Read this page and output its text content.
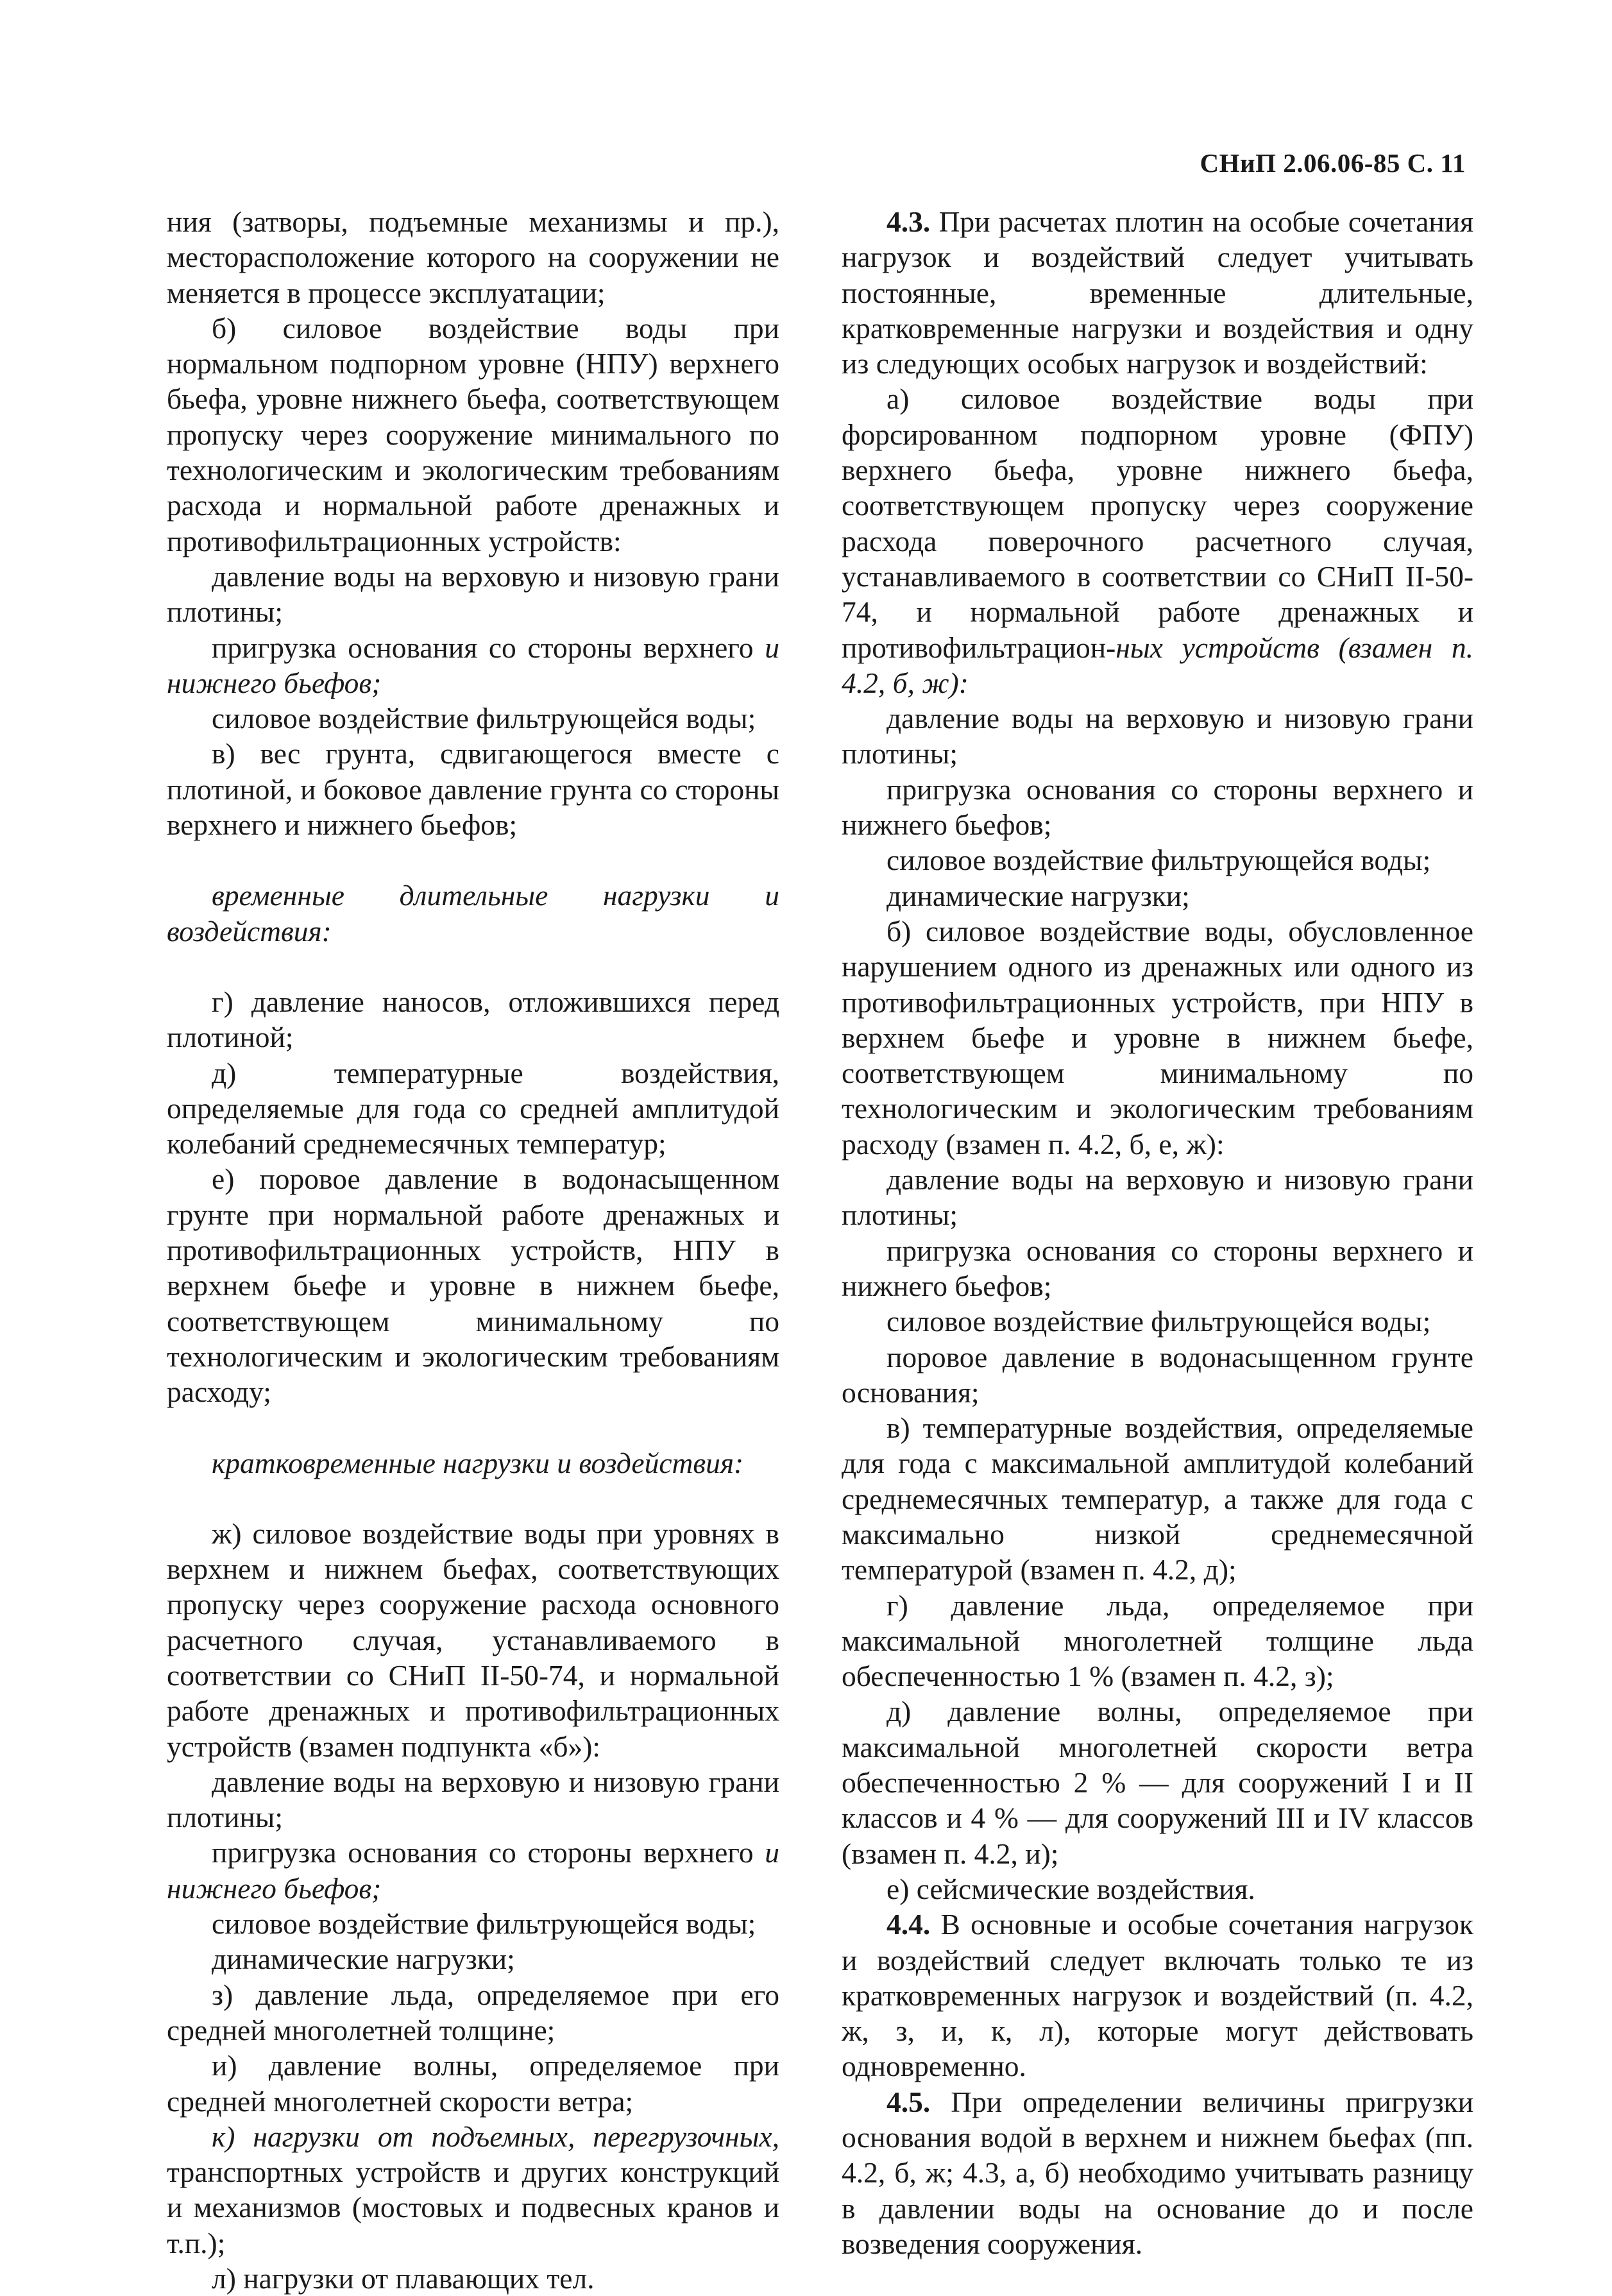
СНиП 2.06.06-85 С. 11

ния (затворы, подъемные механизмы и пр.), месторасположение которого на сооружении не меняется в процессе эксплуатации;

б) силовое воздействие воды при нормальном подпорном уровне (НПУ) верхнего бьефа, уровне нижнего бьефа, соответствующем пропуску через сооружение минимального по технологическим и экологическим требованиям расхода и нормальной работе дренажных и противофильтрационных устройств:

давление воды на верховую и низовую грани плотины;

пригрузка основания со стороны верхнего и нижнего бьефов;

силовое воздействие фильтрующейся воды;

в) вес грунта, сдвигающегося вместе с плотиной, и боковое давление грунта со стороны верхнего и нижнего бьефов;

временные длительные нагрузки и воздействия:

г) давление наносов, отложившихся перед плотиной;

д) температурные воздействия, определяемые для года со средней амплитудой колебаний среднемесячных температур;

е) поровое давление в водонасыщенном грунте при нормальной работе дренажных и противофильтрационных устройств, НПУ в верхнем бьефе и уровне в нижнем бьефе, соответствующем минимальному по технологическим и экологическим требованиям расходу;

кратковременные нагрузки и воздействия:

ж) силовое воздействие воды при уровнях в верхнем и нижнем бьефах, соответствующих пропуску через сооружение расхода основного расчетного случая, устанавливаемого в соответствии со СНиП II-50-74, и нормальной работе дренажных и противофильтрационных устройств (взамен подпункта «б»):

давление воды на верховую и низовую грани плотины;

пригрузка основания со стороны верхнего и нижнего бьефов;

силовое воздействие фильтрующейся воды;

динамические нагрузки;

з) давление льда, определяемое при его средней многолетней толщине;

и) давление волны, определяемое при средней многолетней скорости ветра;

к) нагрузки от подъемных, перегрузочных, транспортных устройств и других конструкций и механизмов (мостовых и подвесных кранов и т.п.);

л) нагрузки от плавающих тел.

4.3. При расчетах плотин на особые сочетания нагрузок и воздействий следует учитывать постоянные, временные длительные, кратковременные нагрузки и воздействия и одну из следующих особых нагрузок и воздействий:

а) силовое воздействие воды при форсированном подпорном уровне (ФПУ) верхнего бьефа, уровне нижнего бьефа, соответствующем пропуску через сооружение расхода поверочного расчетного случая, устанавливаемого в соответствии со СНиП II-50-74, и нормальной работе дренажных и противофильтрацион-ных устройств (взамен п. 4.2, б, ж):

давление воды на верховую и низовую грани плотины;

пригрузка основания со стороны верхнего и нижнего бьефов;

силовое воздействие фильтрующейся воды;

динамические нагрузки;

б) силовое воздействие воды, обусловленное нарушением одного из дренажных или одного из противофильтрационных устройств, при НПУ в верхнем бьефе и уровне в нижнем бьефе, соответствующем минимальному по технологическим и экологическим требованиям расходу (взамен п. 4.2, б, е, ж):

давление воды на верховую и низовую грани плотины;

пригрузка основания со стороны верхнего и нижнего бьефов;

силовое воздействие фильтрующейся воды;

поровое давление в водонасыщенном грунте основания;

в) температурные воздействия, определяемые для года с максимальной амплитудой колебаний среднемесячных температур, а также для года с максимально низкой среднемесячной температурой (взамен п. 4.2, д);

г) давление льда, определяемое при максимальной многолетней толщине льда обеспеченностью 1 % (взамен п. 4.2, з);

д) давление волны, определяемое при максимальной многолетней скорости ветра обеспеченностью 2 % — для сооружений I и II классов и 4 % — для сооружений III и IV классов (взамен п. 4.2, и);

е) сейсмические воздействия.

4.4. В основные и особые сочетания нагрузок и воздействий следует включать только те из кратковременных нагрузок и воздействий (п. 4.2, ж, з, и, к, л), которые могут действовать одновременно.

4.5. При определении величины пригрузки основания водой в верхнем и нижнем бьефах (пп. 4.2, б, ж; 4.3, а, б) необходимо учитывать разницу в давлении воды на основание до и после возведения сооружения.
